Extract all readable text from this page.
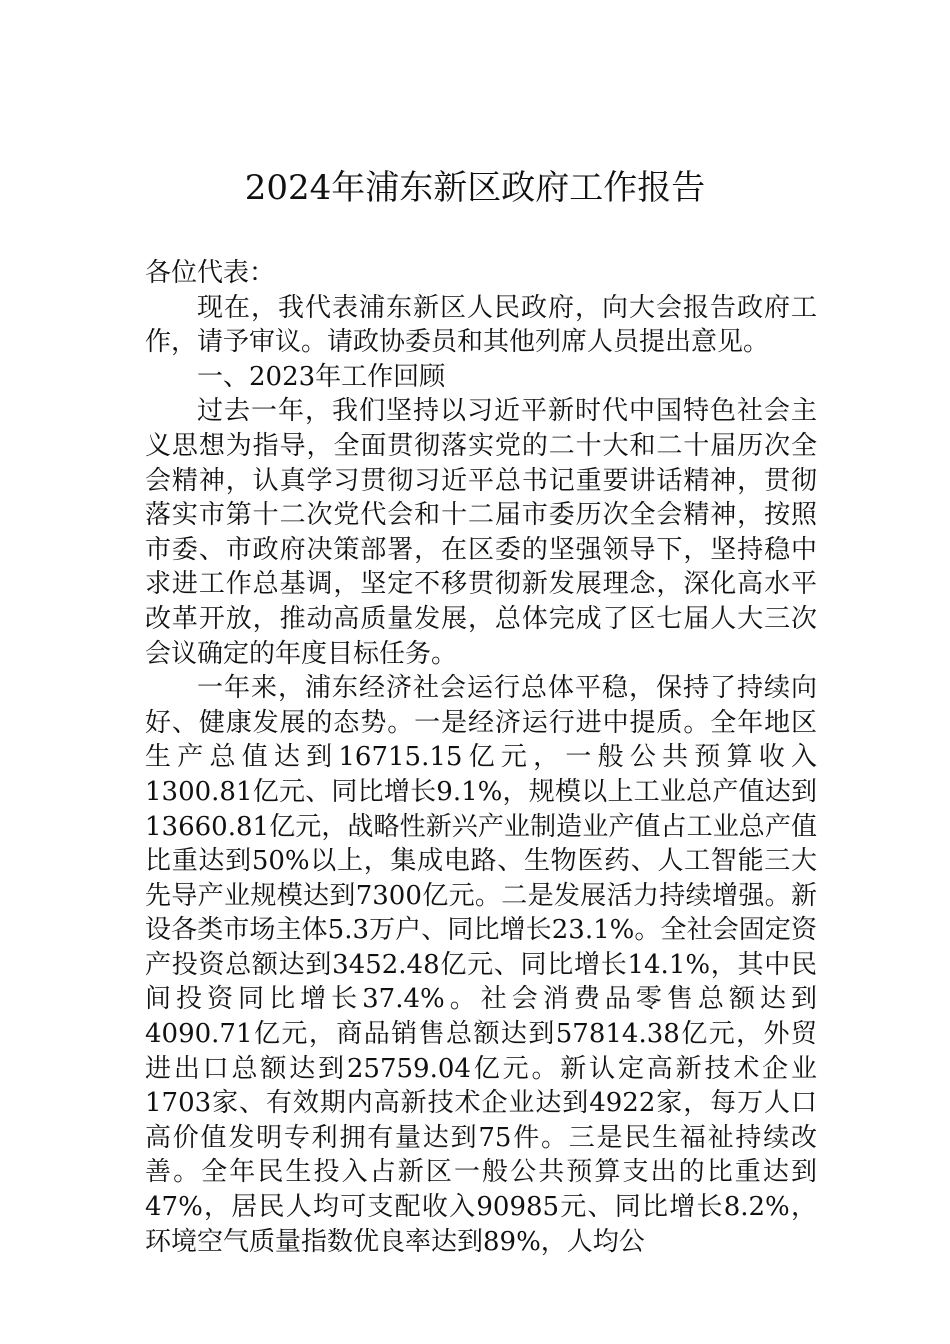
2024年浦东新区政府工作报告

各位代表：

现在，我代表浦东新区人民政府，向大会报告政府工作，请予审议。请政协委员和其他列席人员提出意见。

一、2023年工作回顾

过去一年，我们坚持以习近平新时代中国特色社会主义思想为指导，全面贯彻落实党的二十大和二十届历次全会精神，认真学习贯彻习近平总书记重要讲话精神，贯彻落实市第十二次党代会和十二届市委历次全会精神，按照市委、市政府决策部署，在区委的坚强领导下，坚持稳中求进工作总基调，坚定不移贯彻新发展理念，深化高水平改革开放，推动高质量发展，总体完成了区七届人大三次会议确定的年度目标任务。

一年来，浦东经济社会运行总体平稳，保持了持续向好、健康发展的态势。一是经济运行进中提质。全年地区生产总值达到16715.15亿元，一般公共预算收入1300.81亿元、同比增长9.1%，规模以上工业总产值达到13660.81亿元，战略性新兴产业制造业产值占工业总产值比重达到50%以上，集成电路、生物医药、人工智能三大先导产业规模达到7300亿元。二是发展活力持续增强。新设各类市场主体5.3万户、同比增长23.1%。全社会固定资产投资总额达到3452.48亿元、同比增长14.1%，其中民间投资同比增长37.4%。社会消费品零售总额达到4090.71亿元，商品销售总额达到57814.38亿元，外贸进出口总额达到25759.04亿元。新认定高新技术企业1703家、有效期内高新技术企业达到4922家，每万人口高价值发明专利拥有量达到75件。三是民生福祉持续改善。全年民生投入占新区一般公共预算支出的比重达到47%，居民人均可支配收入90985元、同比增长8.2%，环境空气质量指数优良率达到89%，人均公
